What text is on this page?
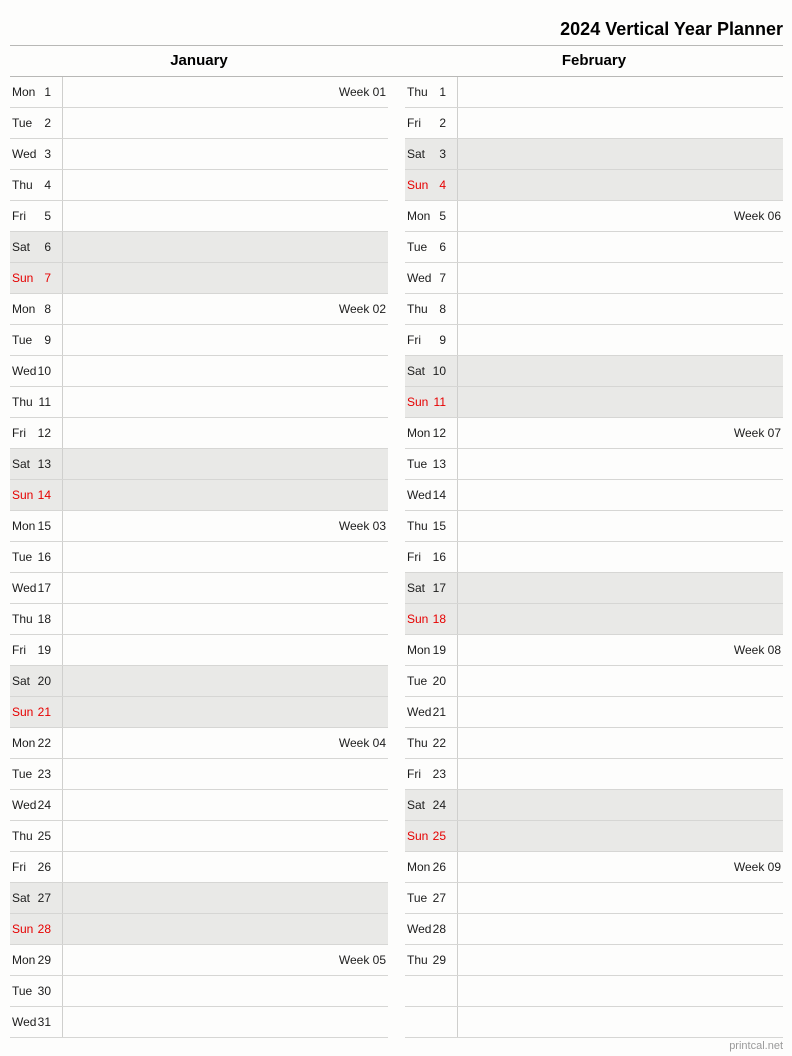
2024 Vertical Year Planner
January	February
Mon 1	Week 01
Tue 2
Wed 3
Thu 4
Fri 5
Sat 6
Sun 7
Mon 8	Week 02
Tue 9
Wed 10
Thu 11
Fri 12
Sat 13
Sun 14
Mon 15	Week 03
Tue 16
Wed 17
Thu 18
Fri 19
Sat 20
Sun 21
Mon 22	Week 04
Tue 23
Wed 24
Thu 25
Fri 26
Sat 27
Sun 28
Mon 29	Week 05
Tue 30
Wed 31
Thu 1
Fri 2
Sat 3
Sun 4
Mon 5	Week 06
Tue 6
Wed 7
Thu 8
Fri 9
Sat 10
Sun 11
Mon 12	Week 07
Tue 13
Wed 14
Thu 15
Fri 16
Sat 17
Sun 18
Mon 19	Week 08
Tue 20
Wed 21
Thu 22
Fri 23
Sat 24
Sun 25
Mon 26	Week 09
Tue 27
Wed 28
Thu 29
printcal.net
